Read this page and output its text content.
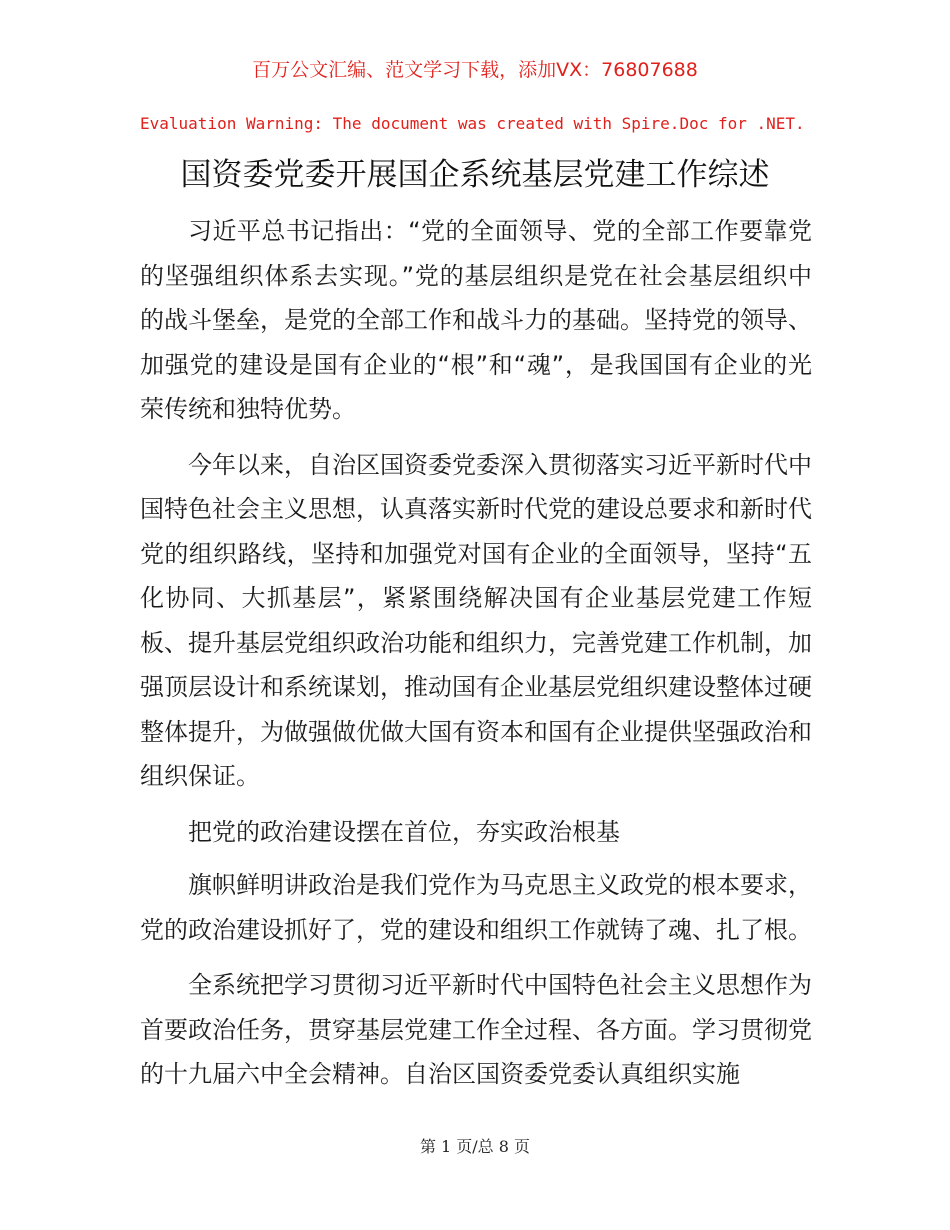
百万公文汇编、范文学习下载，添加VX：76807688
Evaluation Warning: The document was created with Spire.Doc for .NET.
国资委党委开展国企系统基层党建工作综述

习近平总书记指出：“党的全面领导、党的全部工作要靠党的坚强组织体系去实现。”党的基层组织是党在社会基层组织中的战斗堡垒，是党的全部工作和战斗力的基础。坚持党的领导、加强党的建设是国有企业的“根”和“魂”，是我国国有企业的光荣传统和独特优势。

今年以来，自治区国资委党委深入贯彻落实习近平新时代中国特色社会主义思想，认真落实新时代党的建设总要求和新时代党的组织路线，坚持和加强党对国有企业的全面领导，坚持“五化协同、大抓基层”，紧紧围绕解决国有企业基层党建工作短板、提升基层党组织政治功能和组织力，完善党建工作机制，加强顶层设计和系统谋划，推动国有企业基层党组织建设整体过硬整体提升，为做强做优做大国有资本和国有企业提供坚强政治和组织保证。

把党的政治建设摆在首位，夯实政治根基

旗帜鲜明讲政治是我们党作为马克思主义政党的根本要求，党的政治建设抓好了，党的建设和组织工作就铸了魂、扎了根。

全系统把学习贯彻习近平新时代中国特色社会主义思想作为首要政治任务，贯穿基层党建工作全过程、各方面。学习贯彻党的十九届六中全会精神。自治区国资委党委认真组织实施

第 1 页/总 8 页
